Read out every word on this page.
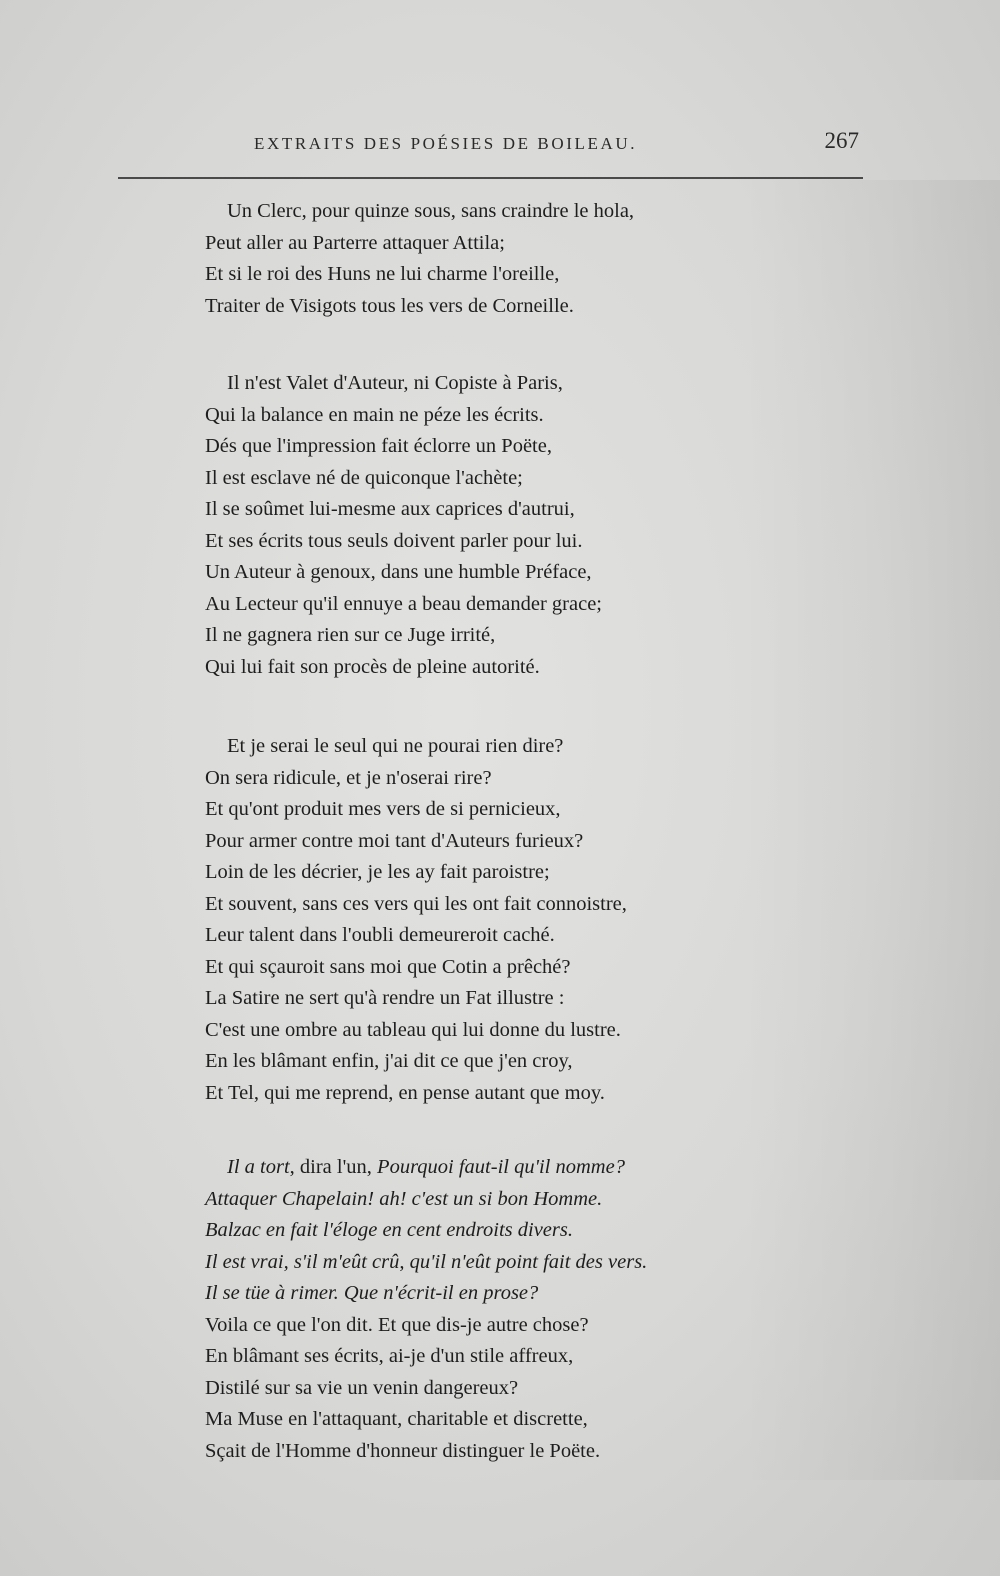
EXTRAITS DES POÉSIES DE BOILEAU.	267
Un Clerc, pour quinze sous, sans craindre le hola,
Peut aller au Parterre attaquer Attila;
Et si le roi des Huns ne lui charme l'oreille,
Traiter de Visigots tous les vers de Corneille.
Il n'est Valet d'Auteur, ni Copiste à Paris,
Qui la balance en main ne péze les écrits.
Dés que l'impression fait éclorre un Poëte,
Il est esclave né de quiconque l'achète;
Il se soûmet lui-mesme aux caprices d'autrui,
Et ses écrits tous seuls doivent parler pour lui.
Un Auteur à genoux, dans une humble Préface,
Au Lecteur qu'il ennuye a beau demander grace;
Il ne gagnera rien sur ce Juge irrité,
Qui lui fait son procès de pleine autorité.
Et je serai le seul qui ne pourai rien dire?
On sera ridicule, et je n'oserai rire?
Et qu'ont produit mes vers de si pernicieux,
Pour armer contre moi tant d'Auteurs furieux?
Loin de les décrier, je les ay fait paroistre;
Et souvent, sans ces vers qui les ont fait connoistre,
Leur talent dans l'oubli demeureroit caché.
Et qui sçauroit sans moi que Cotin a prêché?
La Satire ne sert qu'à rendre un Fat illustre :
C'est une ombre au tableau qui lui donne du lustre.
En les blâmant enfin, j'ai dit ce que j'en croy,
Et Tel, qui me reprend, en pense autant que moy.
Il a tort, dira l'un, Pourquoi faut-il qu'il nomme?
Attaquer Chapelain! ah! c'est un si bon Homme.
Balzac en fait l'éloge en cent endroits divers.
Il est vrai, s'il m'eût crû, qu'il n'eût point fait des vers.
Il se tüe à rimer. Que n'écrit-il en prose?
Voila ce que l'on dit. Et que dis-je autre chose?
En blâmant ses écrits, ai-je d'un stile affreux,
Distilé sur sa vie un venin dangereux?
Ma Muse en l'attaquant, charitable et discrette,
Sçait de l'Homme d'honneur distinguer le Poëte.
